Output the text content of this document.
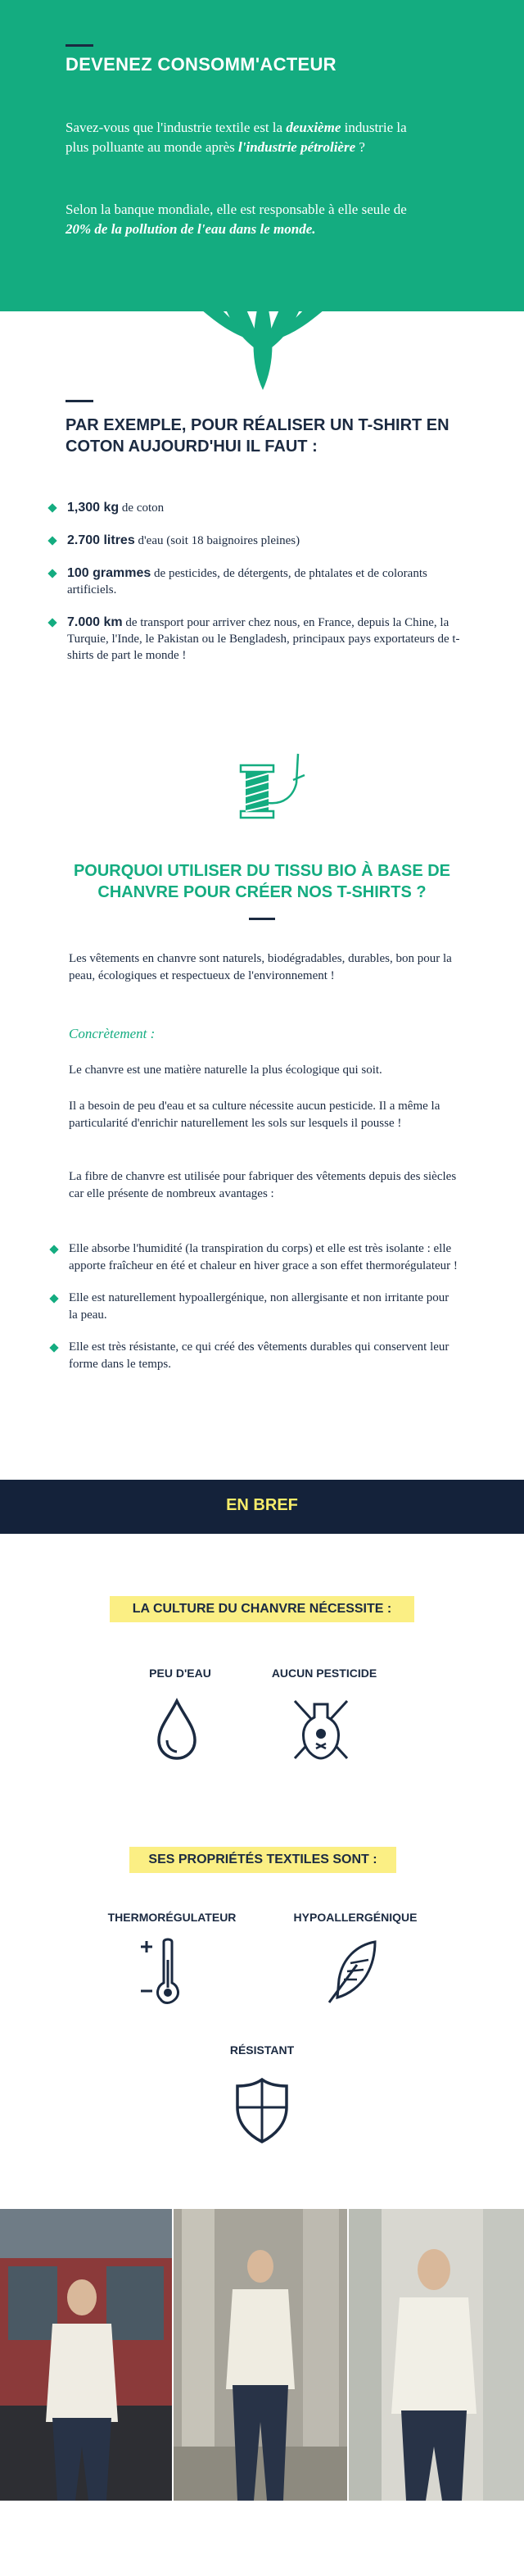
DEVENEZ CONSOMM'ACTEUR

Savez-vous que l'industrie textile est la deuxième industrie la plus polluante au monde après l'industrie pétrolière ?

Selon la banque mondiale, elle est responsable à elle seule de 20% de la pollution de l'eau dans le monde.

PAR EXEMPLE, POUR RÉALISER UN T-SHIRT EN COTON AUJOURD'HUI IL FAUT :
1,300 kg de coton
2.700 litres d'eau (soit 18 baignoires pleines)
100 grammes de pesticides, de détergents, de phtalates et de colorants artificiels.
7.000 km de transport pour arriver chez nous, en France, depuis la Chine, la Turquie, l'Inde, le Pakistan ou le Bengladesh, principaux pays exportateurs de t-shirts de part le monde !
POURQUOI UTILISER DU TISSU BIO À BASE DE CHANVRE POUR CRÉER NOS T-SHIRTS ?

Les vêtements en chanvre sont naturels, biodégradables, durables, bon pour la peau, écologiques et respectueux de l'environnement !

Concrètement :

Le chanvre est une matière naturelle la plus écologique qui soit.

Il a besoin de peu d'eau et sa culture nécessite aucun pesticide. Il a même la particularité d'enrichir naturellement les sols sur lesquels il pousse !

La fibre de chanvre est utilisée pour fabriquer des vêtements depuis des siècles car elle présente de nombreux avantages :

Elle absorbe l'humidité (la transpiration du corps) et elle est très isolante : elle apporte fraîcheur en été et chaleur en hiver grace a son effet thermorégulateur !
Elle est naturellement hypoallergénique, non allergisante et non irritante pour la peau.
Elle est très résistante, ce qui créé des vêtements durables qui conservent leur forme dans le temps.
EN BREF
LA CULTURE DU CHANVRE NÉCESSITE :
PEU D'EAU	AUCUN PESTICIDE
SES PROPRIÉTÉS TEXTILES SONT :
THERMORÉGULATEUR	HYPOALLERGÉNIQUE
RÉSISTANT
